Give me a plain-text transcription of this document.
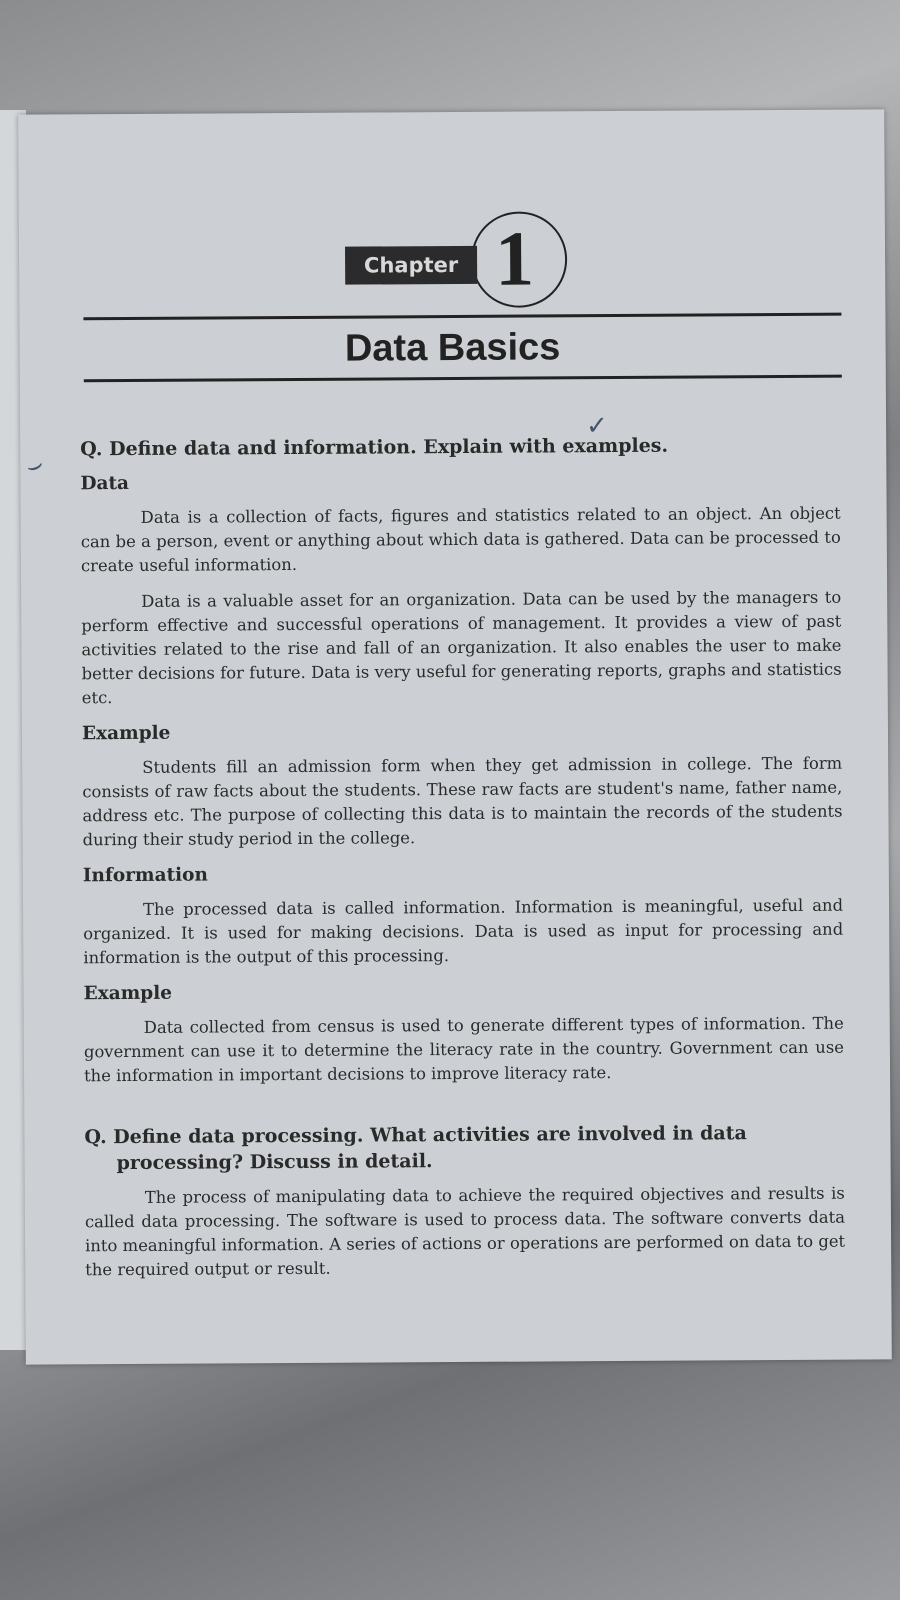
Chapter 1
Data Basics
✓
⌣
Q. Define data and information. Explain with examples.
Data

Data is a collection of facts, figures and statistics related to an object. An object can be a person, event or anything about which data is gathered. Data can be processed to create useful information.

Data is a valuable asset for an organization. Data can be used by the managers to perform effective and successful operations of management. It provides a view of past activities related to the rise and fall of an organization. It also enables the user to make better decisions for future. Data is very useful for generating reports, graphs and statistics etc.

Example

Students fill an admission form when they get admission in college. The form consists of raw facts about the students. These raw facts are student's name, father name, address etc. The purpose of collecting this data is to maintain the records of the students during their study period in the college.

Information

The processed data is called information. Information is meaningful, useful and organized. It is used for making decisions. Data is used as input for processing and information is the output of this processing.

Example

Data collected from census is used to generate different types of information. The government can use it to determine the literacy rate in the country. Government can use the information in important decisions to improve literacy rate.

Q. Define data processing. What activities are involved in data processing? Discuss in detail.

The process of manipulating data to achieve the required objectives and results is called data processing. The software is used to process data. The software converts data into meaningful information. A series of actions or operations are performed on data to get the required output or result.
